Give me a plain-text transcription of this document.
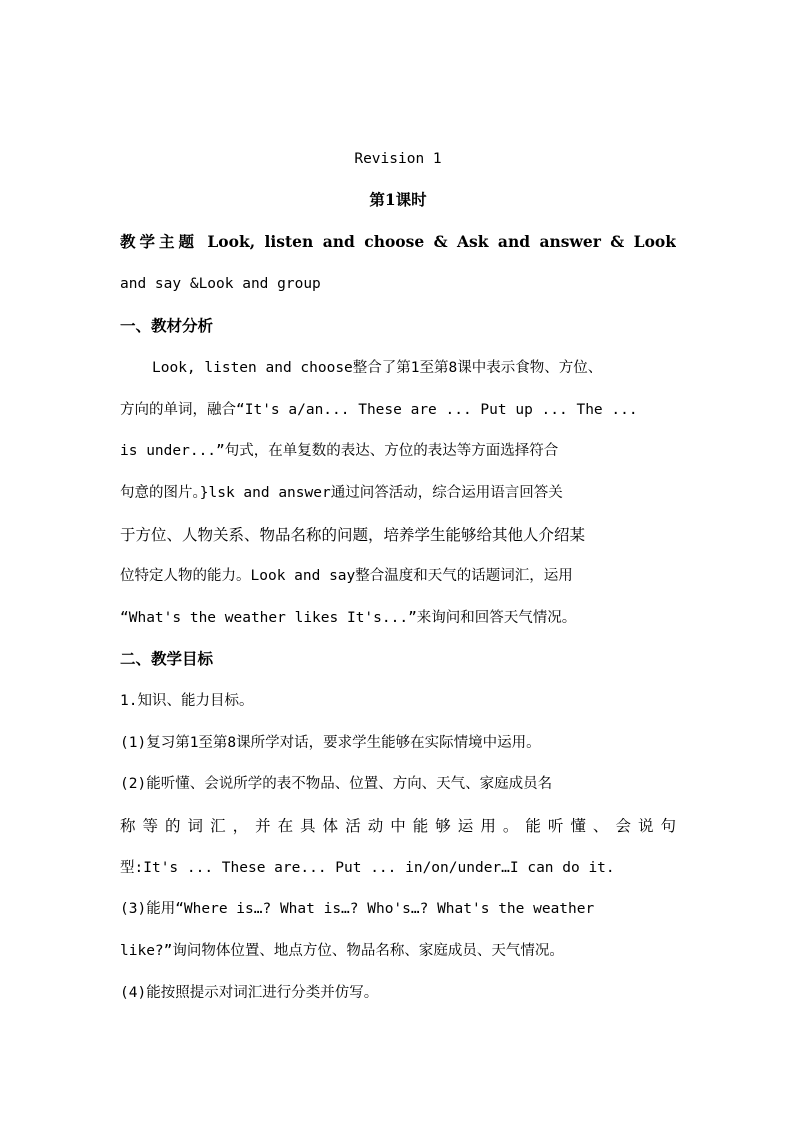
Revision 1
第1课时
教学主题 Look, listen and choose & Ask and answer & Look
and say &Look and group
一、教材分析
Look, listen and choose整合了第1至第8课中表示食物、方位、
方向的单词，融合“It's a/an... These are ... Put up ... The ...
is under...”句式，在单复数的表达、方位的表达等方面选择符合
句意的图片。}lsk and answer通过问答活动，综合运用语言回答关
于方位、人物关系、物品名称的问题，培养学生能够给其他人介绍某
位特定人物的能力。Look and say整合温度和天气的话题词汇，运用
“What's the weather likes It's...”来询问和回答天气情况。
二、教学目标
1.知识、能力目标。
(1)复习第1至第8课所学对话，要求学生能够在实际情境中运用。
(2)能听懂、会说所学的表不物品、位置、方向、天气、家庭成员名
称等的词汇，并在具体活动中能够运用。能听懂、会说句
型:It's ... These are... Put ... in/on/under…I can do it.
(3)能用“Where is…? What is…? Who's…? What's the weather
like?”询问物体位置、地点方位、物品名称、家庭成员、天气情况。
(4)能按照提示对词汇进行分类并仿写。
